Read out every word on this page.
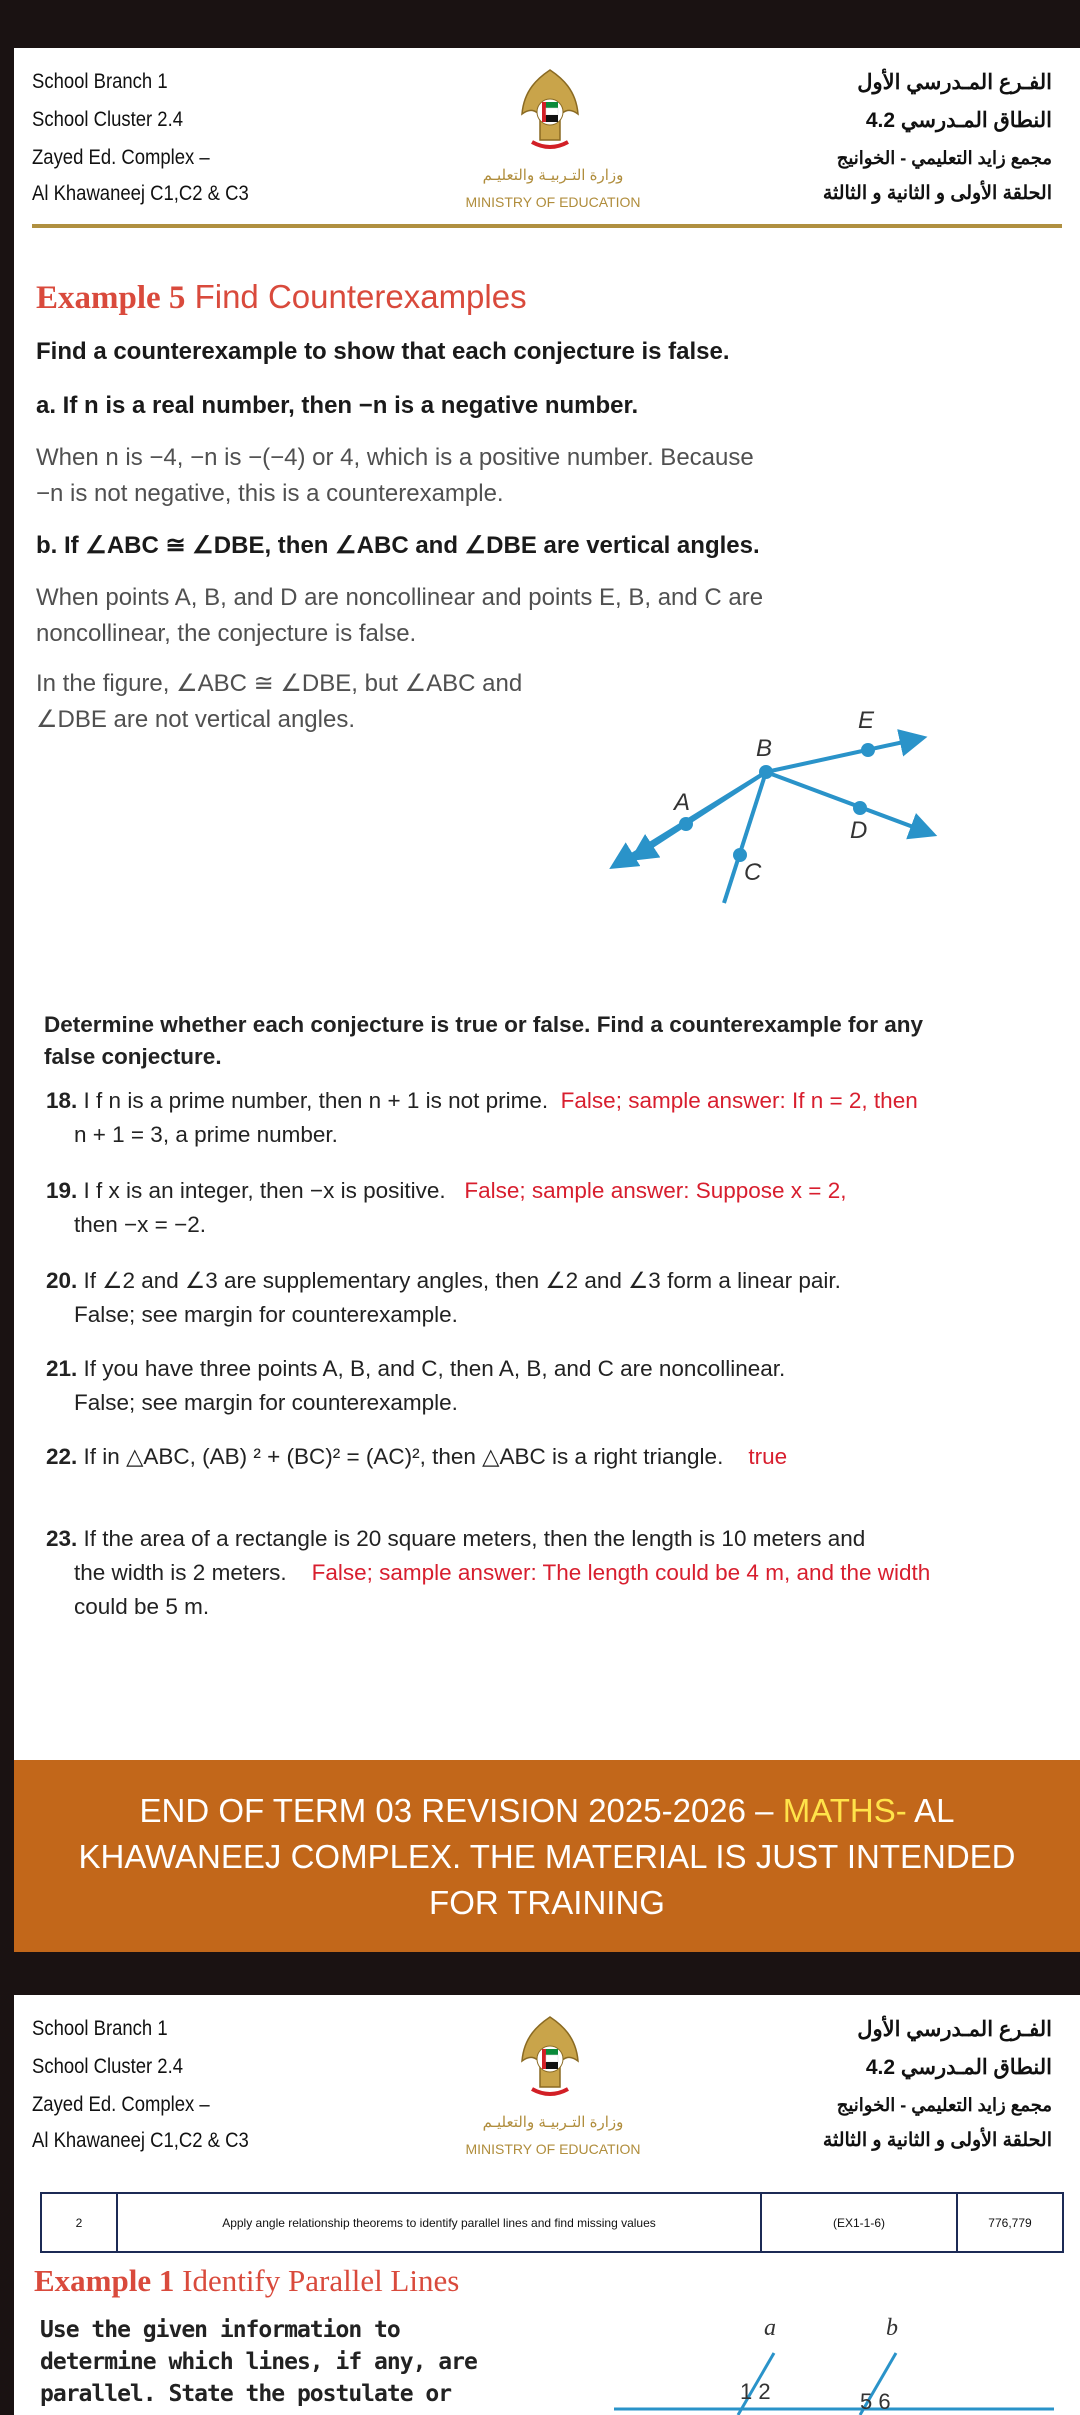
School Branch 1
School Cluster 2.4
Zayed Ed. Complex –
Al Khawaneej C1,C2 & C3
وزارة التـربيـة والتعليـم
MINISTRY OF EDUCATION
الفـرع المـدرسي الأول
النطاق المـدرسي 4.2
مجمع زايد التعليمي - الخوانيج
الحلقة الأولى و الثانية و الثالثة
Example 5 Find Counterexamples
Find a counterexample to show that each conjecture is false.
a. If n is a real number, then −n is a negative number.
When n is −4, −n is −(−4) or 4, which is a positive number. Because
−n is not negative, this is a counterexample.
b. If ∠ABC ≅ ∠DBE, then ∠ABC and ∠DBE are vertical angles.
When points A, B, and D are noncollinear and points E, B, and C are
noncollinear, the conjecture is false.
In the figure, ∠ABC ≅ ∠DBE, but ∠ABC and
∠DBE are not vertical angles.
B
A
C
E
D
Determine whether each conjecture is true or false. Find a counterexample for any
false conjecture.
18. I f n is a prime number, then n + 1 is not prime. False; sample answer: If n = 2, then
n + 1 = 3, a prime number.
19. I f x is an integer, then −x is positive. False; sample answer: Suppose x = 2,
then −x = −2.
20. If ∠2 and ∠3 are supplementary angles, then ∠2 and ∠3 form a linear pair.
False; see margin for counterexample.
21. If you have three points A, B, and C, then A, B, and C are noncollinear.
False; see margin for counterexample.
22. If in △ABC, (AB) ² + (BC)² = (AC)², then △ABC is a right triangle. true
23. If the area of a rectangle is 20 square meters, then the length is 10 meters and
the width is 2 meters. False; sample answer: The length could be 4 m, and the width
could be 5 m.

END OF TERM 03 REVISION 2025-2026 – MATHS- AL

KHAWANEEJ COMPLEX. THE MATERIAL IS JUST INTENDED

FOR TRAINING

School Branch 1
School Cluster 2.4
Zayed Ed. Complex –
Al Khawaneej C1,C2 & C3
وزارة التـربيـة والتعليـم
MINISTRY OF EDUCATION
الفـرع المـدرسي الأول
النطاق المـدرسي 4.2
مجمع زايد التعليمي - الخوانيج
الحلقة الأولى و الثانية و الثالثة
2	Apply angle relationship theorems to identify parallel lines and find missing values	(EX1-1-6)	776,779
Example 1 Identify Parallel Lines
Use the given information to
determine which lines, if any, are
parallel. State the postulate or
a	b
1 2	5 6
